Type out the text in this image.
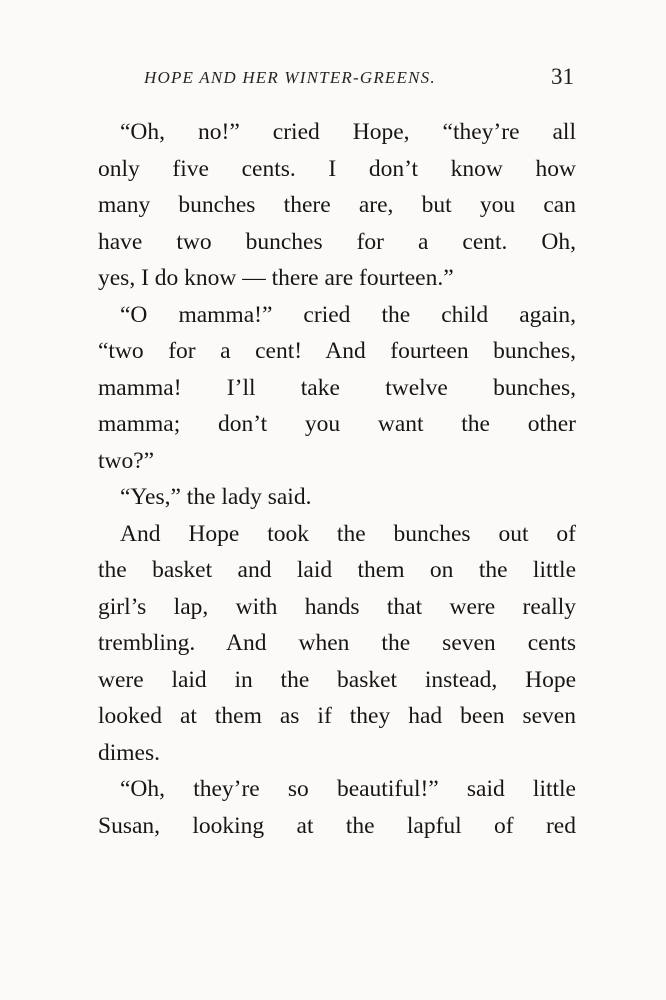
HOPE AND HER WINTER-GREENS.	31
“Oh, no!” cried Hope, “they’re all
only five cents. I don’t know how
many bunches there are, but you can
have two bunches for a cent. Oh,
yes, I do know — there are fourteen.”
“O mamma!” cried the child again,
“two for a cent! And fourteen bunches,
mamma! I’ll take twelve bunches,
mamma; don’t you want the other
two?”
“Yes,” the lady said.
And Hope took the bunches out of
the basket and laid them on the little
girl’s lap, with hands that were really
trembling. And when the seven cents
were laid in the basket instead, Hope
looked at them as if they had been seven
dimes.
“Oh, they’re so beautiful!” said little
Susan, looking at the lapful of red
